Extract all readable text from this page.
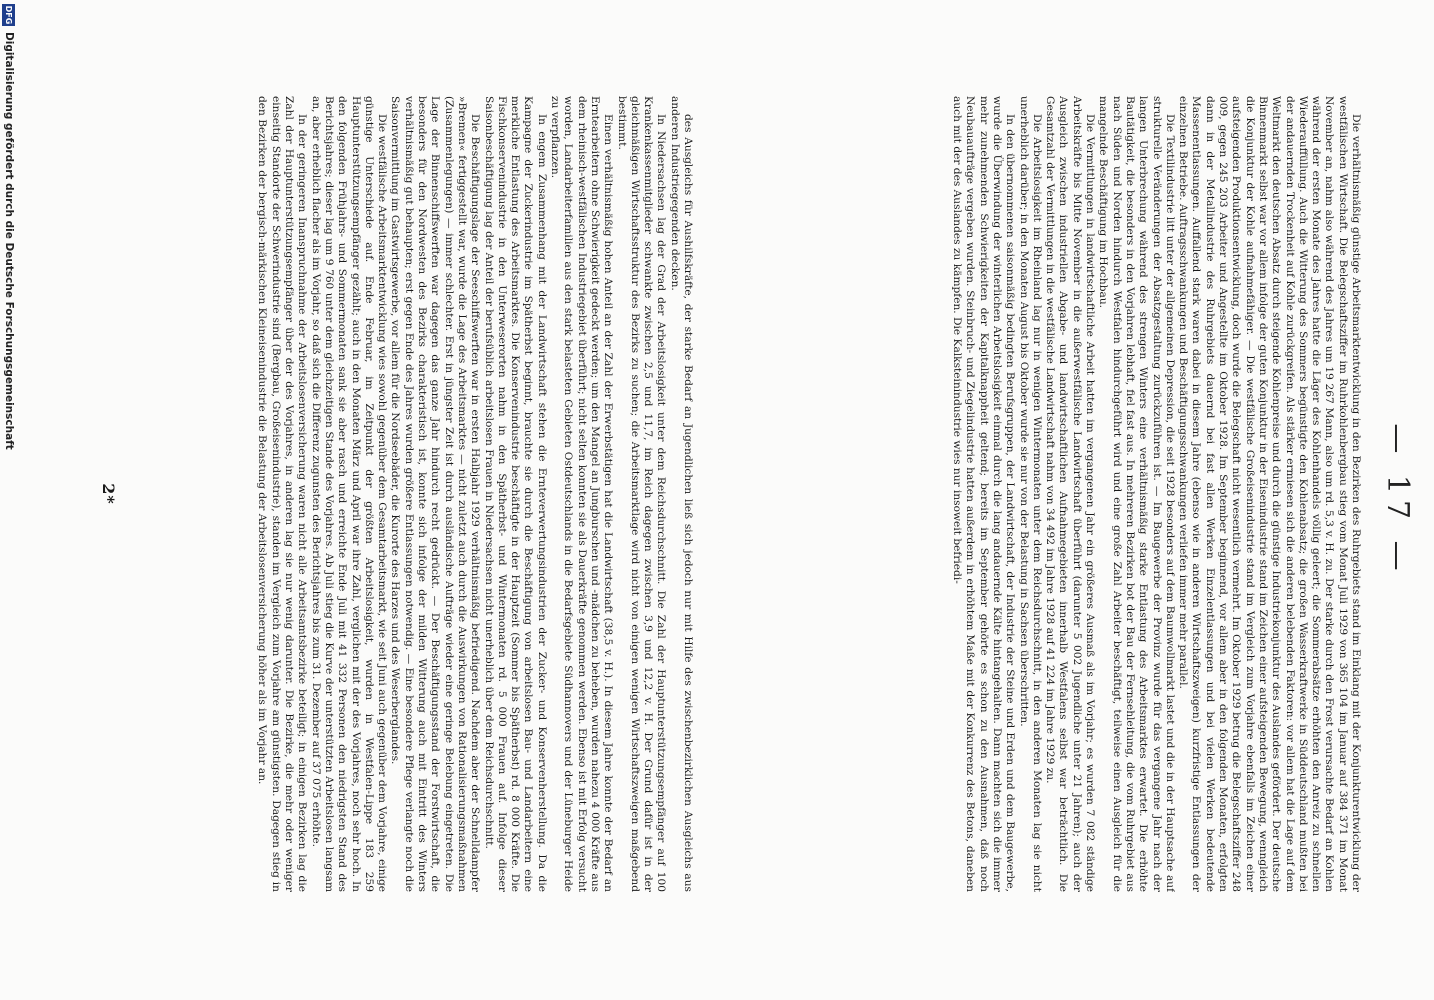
— 17 —

Die verhältnismäßig günstige Arbeitsmarktentwicklung in den Bezirken des Ruhrgebiets stand im Einklang mit der Konjunkturentwicklung der westfälischen Wirtschaft. Die Belegschaftsziffer im Ruhrkohlenbergbau stieg vom Monat Juli 1929 von 365 104 im Januar auf 384 371 im Monat November an, nahm also während des Jahres um 19 267 Mann, also um rd. 5,3 v. H. zu. Der starke durch den Frost verursachte Bedarf an Kohlen während der ersten Monate des Jahres hatte die Läger des Kohlenhandels völlig geleert; die Sommerabsätze erhöhten den Anreiz zu schnellen Wiederauffüllung. Auch die Witterung des Sommers begünstigte den Kohlenabsatz; die großen Wasserkraftwerke in Süddeutschland mußten bei der andauernden Trockenheit auf Kohle zurückgreifen. Als stärker ermiesen sich die anderen belebenden Faktoren: vor allem hat die Lage auf dem Weltmarkt den deutschen Absatz durch steigende Kohlenpreise und durch die günstige Industriekonjunktur des Auslandes gefördert. Der deutsche Binnenmarkt selbst war vor allem infolge der guten Konjunktur in der Eisenindustrie stand im Zeichen einer aufsteigenden Bewegung, wenngleich die Konjunktur der Kohle aufnahmefähiger. — Die westfälische Großeisenindustrie stand im Vergleich zum Vorjahre ebenfalls im Zeichen einer aufsteigenden Produktionsentwicklung, doch wurde die Belegschaft nicht wesentlich vermehrt. Im Oktober 1929 betrug die Belegschaftsziffer 248 009, gegen 245 203 Arbeiter und Angestellte im Oktober 1928. Im September beginnend, vor allem aber in den folgenden Monaten, erfolgten dann in der Metallindustrie des Ruhrgebiets dauernd bei fast allen Werken Einzelentlassungen und bei vielen Werken bedeutende Massenentlassungen. Auffallend stark waren dabei in diesem Jahre (ebenso wie in anderen Wirtschaftszweigen) kurzfristige Entlassungen der einzelnen Betriebe. Auftragsschwankungen und Beschäftigungsschwankungen verliefen immer mehr parallel.

Die Textilindustrie litt unter der allgemeinen Depression, die seit 1928 besonders auf dem Baumwollmarkt lastet und die in der Hauptsache auf strukturelle Veränderungen der Absatzgestaltung zurückzuführen ist. — Im Baugewerbe der Provinz wurde für das vergangene Jahr nach der langen Unterbrechung während des strengen Winters eine verhältnismäßig starke Entlastung des Arbeitsmarktes erwartet. Die erhöhte Bautätigkeit, die besonders in den Vorjahren lebhaft, fiel fast aus. In mehreren Bezirken bot der Bau der Fernsehleitung, die vom Ruhrgebiet aus nach Süden und Norden hindurch Westfalen hindurchgeführt wird und eine große Zahl Arbeiter beschäftigt, teilweise einen Ausgleich für die mangelnde Beschäftigung im Hochbau.

Die Vermittlungen in landwirtschaftliche Arbeit hatten im vergangenen Jahr ein größeres Ausmaß als im Vorjahr; es wurden 7 082 ständige Arbeitskräfte bis Mitte November in die außerwestfälische Landwirtschaft überführt (darunter 5 002 Jugendliche unter 21 Jahren); auch der Ausgleich zwischen industriellen Abgabe- und landwirtschaftlichen Aufnahmegebieten innerhalb Westfalens selbst war beträchtlich. Die Gesamtzahl der Vermittlungen in die westfälische Landwirtschaft nahm von 34 492 im Jahre 1928 auf 41 224 im Jahre 1929 zu.

Die Arbeitslosigkeit im Rheinland lag nur in wenigen Wintermonaten unter dem Reichsdurchschnitt, in den anderen Monaten lag sie nicht unerheblich darüber; in den Monaten August bis Oktober wurde sie nur von der Belastung in Sachsen überschritten.

In den übernommenen saisonmäßig bedingten Berufsgruppen, der Landwirtschaft, der Industrie der Steine und Erden und dem Baugewerbe, wurde die Überwindung der winterlichen Arbeitslosigkeit einmal durch die lang andauernde Kälte hintangehalten. Dann machten sich die immer mehr zunehmenden Schwierigkeiten der Kapitalknappheit geltend; bereits im September gehörte es schon zu den Ausnahmen, daß noch Neubauaufträge vergeben wurden. Steinbruch- und Ziegelindustrie hatten außerdem in erhöhtem Maße mit der Konkurrenz des Betons, daneben auch mit der des Auslandes zu kämpfen. Die Kalksteinindustrie wies nur insoweit befriedi-

des Ausgleichs für Aushilfskräfte, der starke Bedarf an Jugendlichen ließ sich jedoch nur mit Hilfe des zwischenbezirklichen Ausgleichs aus anderen Industriegegenden decken.

In Niedersachsen lag der Grad der Arbeitslosigkeit unter dem Reichsdurchschnitt. Die Zahl der Hauptunterstützungsempfänger auf 100 Krankenkassenmitglieder schwankte zwischen 2,5 und 11,7, im Reich dagegen zwischen 3,9 und 12,2 v. H. Der Grund dafür ist in der gleichmäßigen Wirtschaftsstruktur des Bezirks zu suchen; die Arbeitsmarktlage wird nicht von einigen wenigen Wirtschaftszweigen maßgebend bestimmt.

Einen verhältnismäßig hohen Anteil an der Zahl der Erwerbstätigen hat die Landwirtschaft (38,5 v. H.). In diesem Jahre konnte der Bedarf an Erntearbeitern ohne Schwierigkeit gedeckt werden; um den Mangel an Jungburschen und -mädchen zu beheben, wurden nahezu 4 000 Kräfte aus dem rheinisch-westfälischen Industriegebiet überführt; nicht selten konnten sie als Dauerkräfte genommen werden. Ebenso ist mit Erfolg versucht worden, Landarbeiterfamilien aus den stark belasteten Gebieten Ostdeutschlands in die Bedarfsgebiete Südhannovers und der Lüneburger Heide zu verpflanzen.

In engem Zusammenhang mit der Landwirtschaft stehen die Ernteverwertungsindustrien der Zucker- und Konservenherstellung. Da die Kampagne der Zuckerindustrie im Spätherbst beginnt, brauchte sie durch die Beschäftigung von arbeitslosen Bau- und Landarbeitern eine merkliche Entlastung des Arbeitsmarktes. Die Konservenindustrie beschäftigte in der Hauptzeit (Sommer bis Spätherbst) rd. 8 000 Kräfte. Die Fischkonservenindustrie in den Unterweserorten nahm in den Spätherbst- und Wintermonaten rd. 5 000 Frauen auf. Infolge dieser Saisonbeschäftigung lag der Anteil der berufsüblich arbeitslosen Frauen in Niedersachsen nicht unerheblich über dem Reichsdurchschnitt.

Die Beschäftigungslage der Seeschiffswerften war in ersten Halbjahr 1929 verhältnismäßig befriedigend. Nachdem aber der Schnelldampfer »Bremen« fertiggestellt war, wurde die Lage des Arbeitsmarktes — nicht zuletzt auch durch die Auswirkungen von Rationalisierungsmaßnahmen (Zusammenlegungen) — immer schlechter. Erst in jüngster Zeit ist durch ausländische Aufträge wieder eine geringe Belebung eingetreten. Die Lage der Binnenschiffswerften war dagegen das ganze Jahr hindurch recht gedrückt. — Der Beschäftigungsstand der Forstwirtschaft, die besonders für den Nordwesten des Bezirks charakteristisch ist, konnte sich infolge der milden Witterung auch mit Eintritt des Winters verhältnismäßig gut behaupten; erst gegen Ende des Jahres wurden größere Entlassungen notwendig. — Eine besondere Pflege verlangte noch die Saisonvermittlung im Gastwirtsgewerbe, vor allem für die Nordseebäder, die Kurorte des Harzes und des Weserberglandes.

Die westfälische Arbeitsmarktentwicklung wies sowohl gegenüber dem Gesamtarbeitsmarkt, wie seit Juni auch gegenüber dem Vorjahre, einige günstige Unterschiede auf. Ende Februar, im Zeitpunkt der größten Arbeitslosigkeit, wurden in Westfalen-Lippe 183 259 Hauptunterstützungsempfänger gezählt; auch in den Monaten März und April war ihre Zahl, verglichen mit der des Vorjahres, noch sehr hoch. In den folgenden Frühjahrs- und Sommermonaten sank sie aber rasch und erreichte Ende Juli mit 41 332 Personen den niedrigsten Stand des Berichtsjahres; dieser lag um 9 760 unter dem gleichzeitigen Stande des Vorjahres. Ab Juli stieg die Kurve der unterstützten Arbeitslosen langsam an, aber erheblich flacher als im Vorjahr, so daß sich die Differenz zugunsten des Berichtsjahres bis zum 31. Dezember auf 37 075 erhöhte.

In der geringeren Inanspruchnahme der Arbeitslosenversicherung waren nicht alle Arbeitsamtsbezirke beteiligt; in einigen Bezirken lag die Zahl der Hauptunterstützungsempfänger über der des Vorjahres, in anderen lag sie nur wenig darunter. Die Bezirke, die mehr oder weniger einseitig Standorte der Schwerindustrie sind (Bergbau, Großeisenindustrie), standen im Vergleich zum Vorjahre am günstigsten. Dagegen stieg in den Bezirken der bergisch-märkischen Kleineisenindustrie die Belastung der Arbeitslosenversicherung höher als im Vorjahr an.

2*
DFG
Digitalisierung gefördert durch die Deutsche Forschungsgemeinschaft
